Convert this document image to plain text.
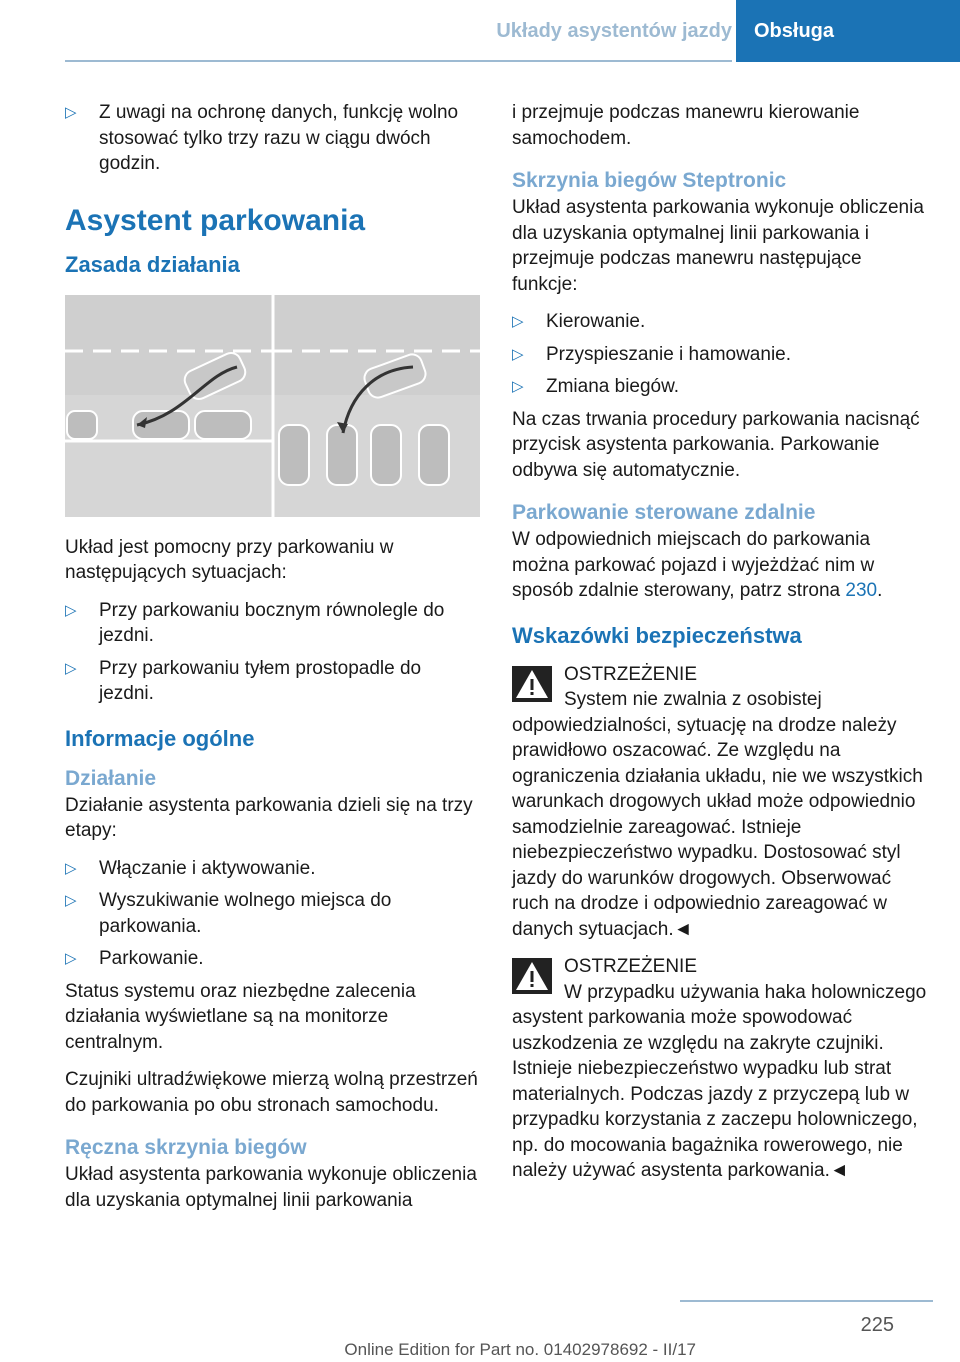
Układy asystentów jazdy	Obsługa
▷ Z uwagi na ochronę danych, funkcję wolno stosować tylko trzy razu w ciągu dwóch godzin.
Asystent parkowania
Zasada działania

Układ jest pomocny przy parkowaniu w następujących sytuacjach:

▷ Przy parkowaniu bocznym równolegle do jezdni.
▷ Przy parkowaniu tyłem prostopadle do jezdni.
Informacje ogólne
Działanie

Działanie asystenta parkowania dzieli się na trzy etapy:

▷ Włączanie i aktywowanie.
▷ Wyszukiwanie wolnego miejsca do parkowania.
▷ Parkowanie.

Status systemu oraz niezbędne zalecenia działania wyświetlane są na monitorze centralnym.

Czujniki ultradźwiękowe mierzą wolną przestrzeń do parkowania po obu stronach samochodu.

Ręczna skrzynia biegów

Układ asystenta parkowania wykonuje obliczenia dla uzyskania optymalnej linii parkowania

i przejmuje podczas manewru kierowanie samochodem.

Skrzynia biegów Steptronic

Układ asystenta parkowania wykonuje obliczenia dla uzyskania optymalnej linii parkowania i przejmuje podczas manewru następujące funkcje:

▷ Kierowanie.
▷ Przyspieszanie i hamowanie.
▷ Zmiana biegów.

Na czas trwania procedury parkowania nacisnąć przycisk asystenta parkowania. Parkowanie odbywa się automatycznie.

Parkowanie sterowane zdalnie

W odpowiednich miejscach do parkowania można parkować pojazd i wyjeżdżać nim w sposób zdalnie sterowany, patrz strona 230.

Wskazówki bezpieczeństwa
OSTRZEŻENIE
System nie zwalnia z osobistej odpowiedzialności, sytuację na drodze należy prawidłowo oszacować. Ze względu na ograniczenia działania układu, nie we wszystkich warunkach drogowych układ może odpowiednio samodzielnie zareagować. Istnieje niebezpieczeństwo wypadku. Dostosować styl jazdy do warunków drogowych. Obserwować ruch na drodze i odpowiednio zareagować w danych sytuacjach.◄
OSTRZEŻENIE
W przypadku używania haka holowniczego asystent parkowania może spowodować uszkodzenia ze względu na zakryte czujniki. Istnieje niebezpieczeństwo wypadku lub strat materialnych. Podczas jazdy z przyczepą lub w przypadku korzystania z zaczepu holowniczego, np. do mocowania bagażnika rowerowego, nie należy używać asystenta parkowania.◄
225
Online Edition for Part no. 01402978692 - II/17
